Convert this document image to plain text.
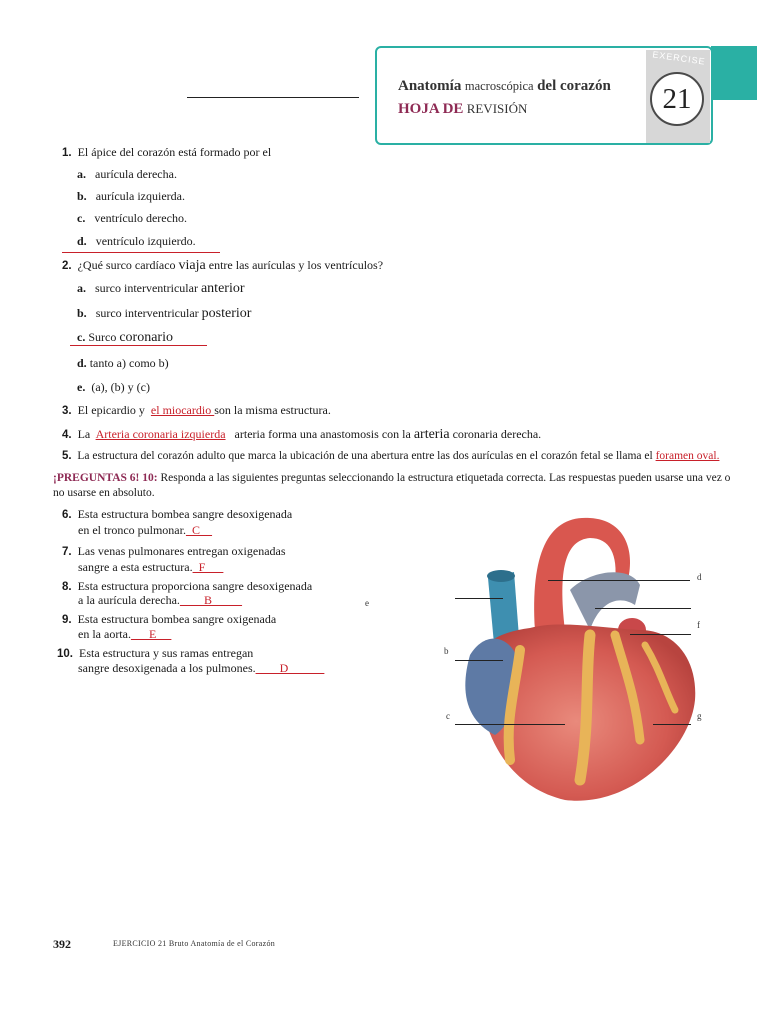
EXERCISE
21
Anatomía macroscópica del corazón
HOJA DE REVISIÓN
1. El ápice del corazón está formado por el
a. aurícula derecha.
b. aurícula izquierda.
c. ventrículo derecho.
d. ventrículo izquierdo.
2. ¿Qué surco cardíaco viaja entre las aurículas y los ventrículos?
a. surco interventricular anterior
b. surco interventricular posterior
c. Surco coronario
d. tanto a) como b)
e. (a), (b) y (c)
3. El epicardio y el miocardio son la misma estructura.
4. La Arteria coronaria izquierda arteria forma una anastomosis con la arteria coronaria derecha.
5. La estructura del corazón adulto que marca la ubicación de una abertura entre las dos aurículas en el corazón fetal se llama el foramen oval.
¡PREGUNTAS 6! 10: Responda a las siguientes preguntas seleccionando la estructura etiquetada correcta. Las respuestas pueden usarse una vez o no usarse en absoluto.
6. Esta estructura bombea sangre desoxigenada
en el tronco pulmonar._C__
7. Las venas pulmonares entregan oxigenadas
sangre a esta estructura._F___
8. Esta estructura proporciona sangre desoxigenada
a la aurícula derecha.____B_____
9. Esta estructura bombea sangre oxigenada
en la aorta.___E_ _
10. Esta estructura y sus ramas entregan
sangre desoxigenada a los pulmones.____D______
e
d
f
b
c	g
392	EJERCICIO 21 Bruto Anatomía de el Corazón
